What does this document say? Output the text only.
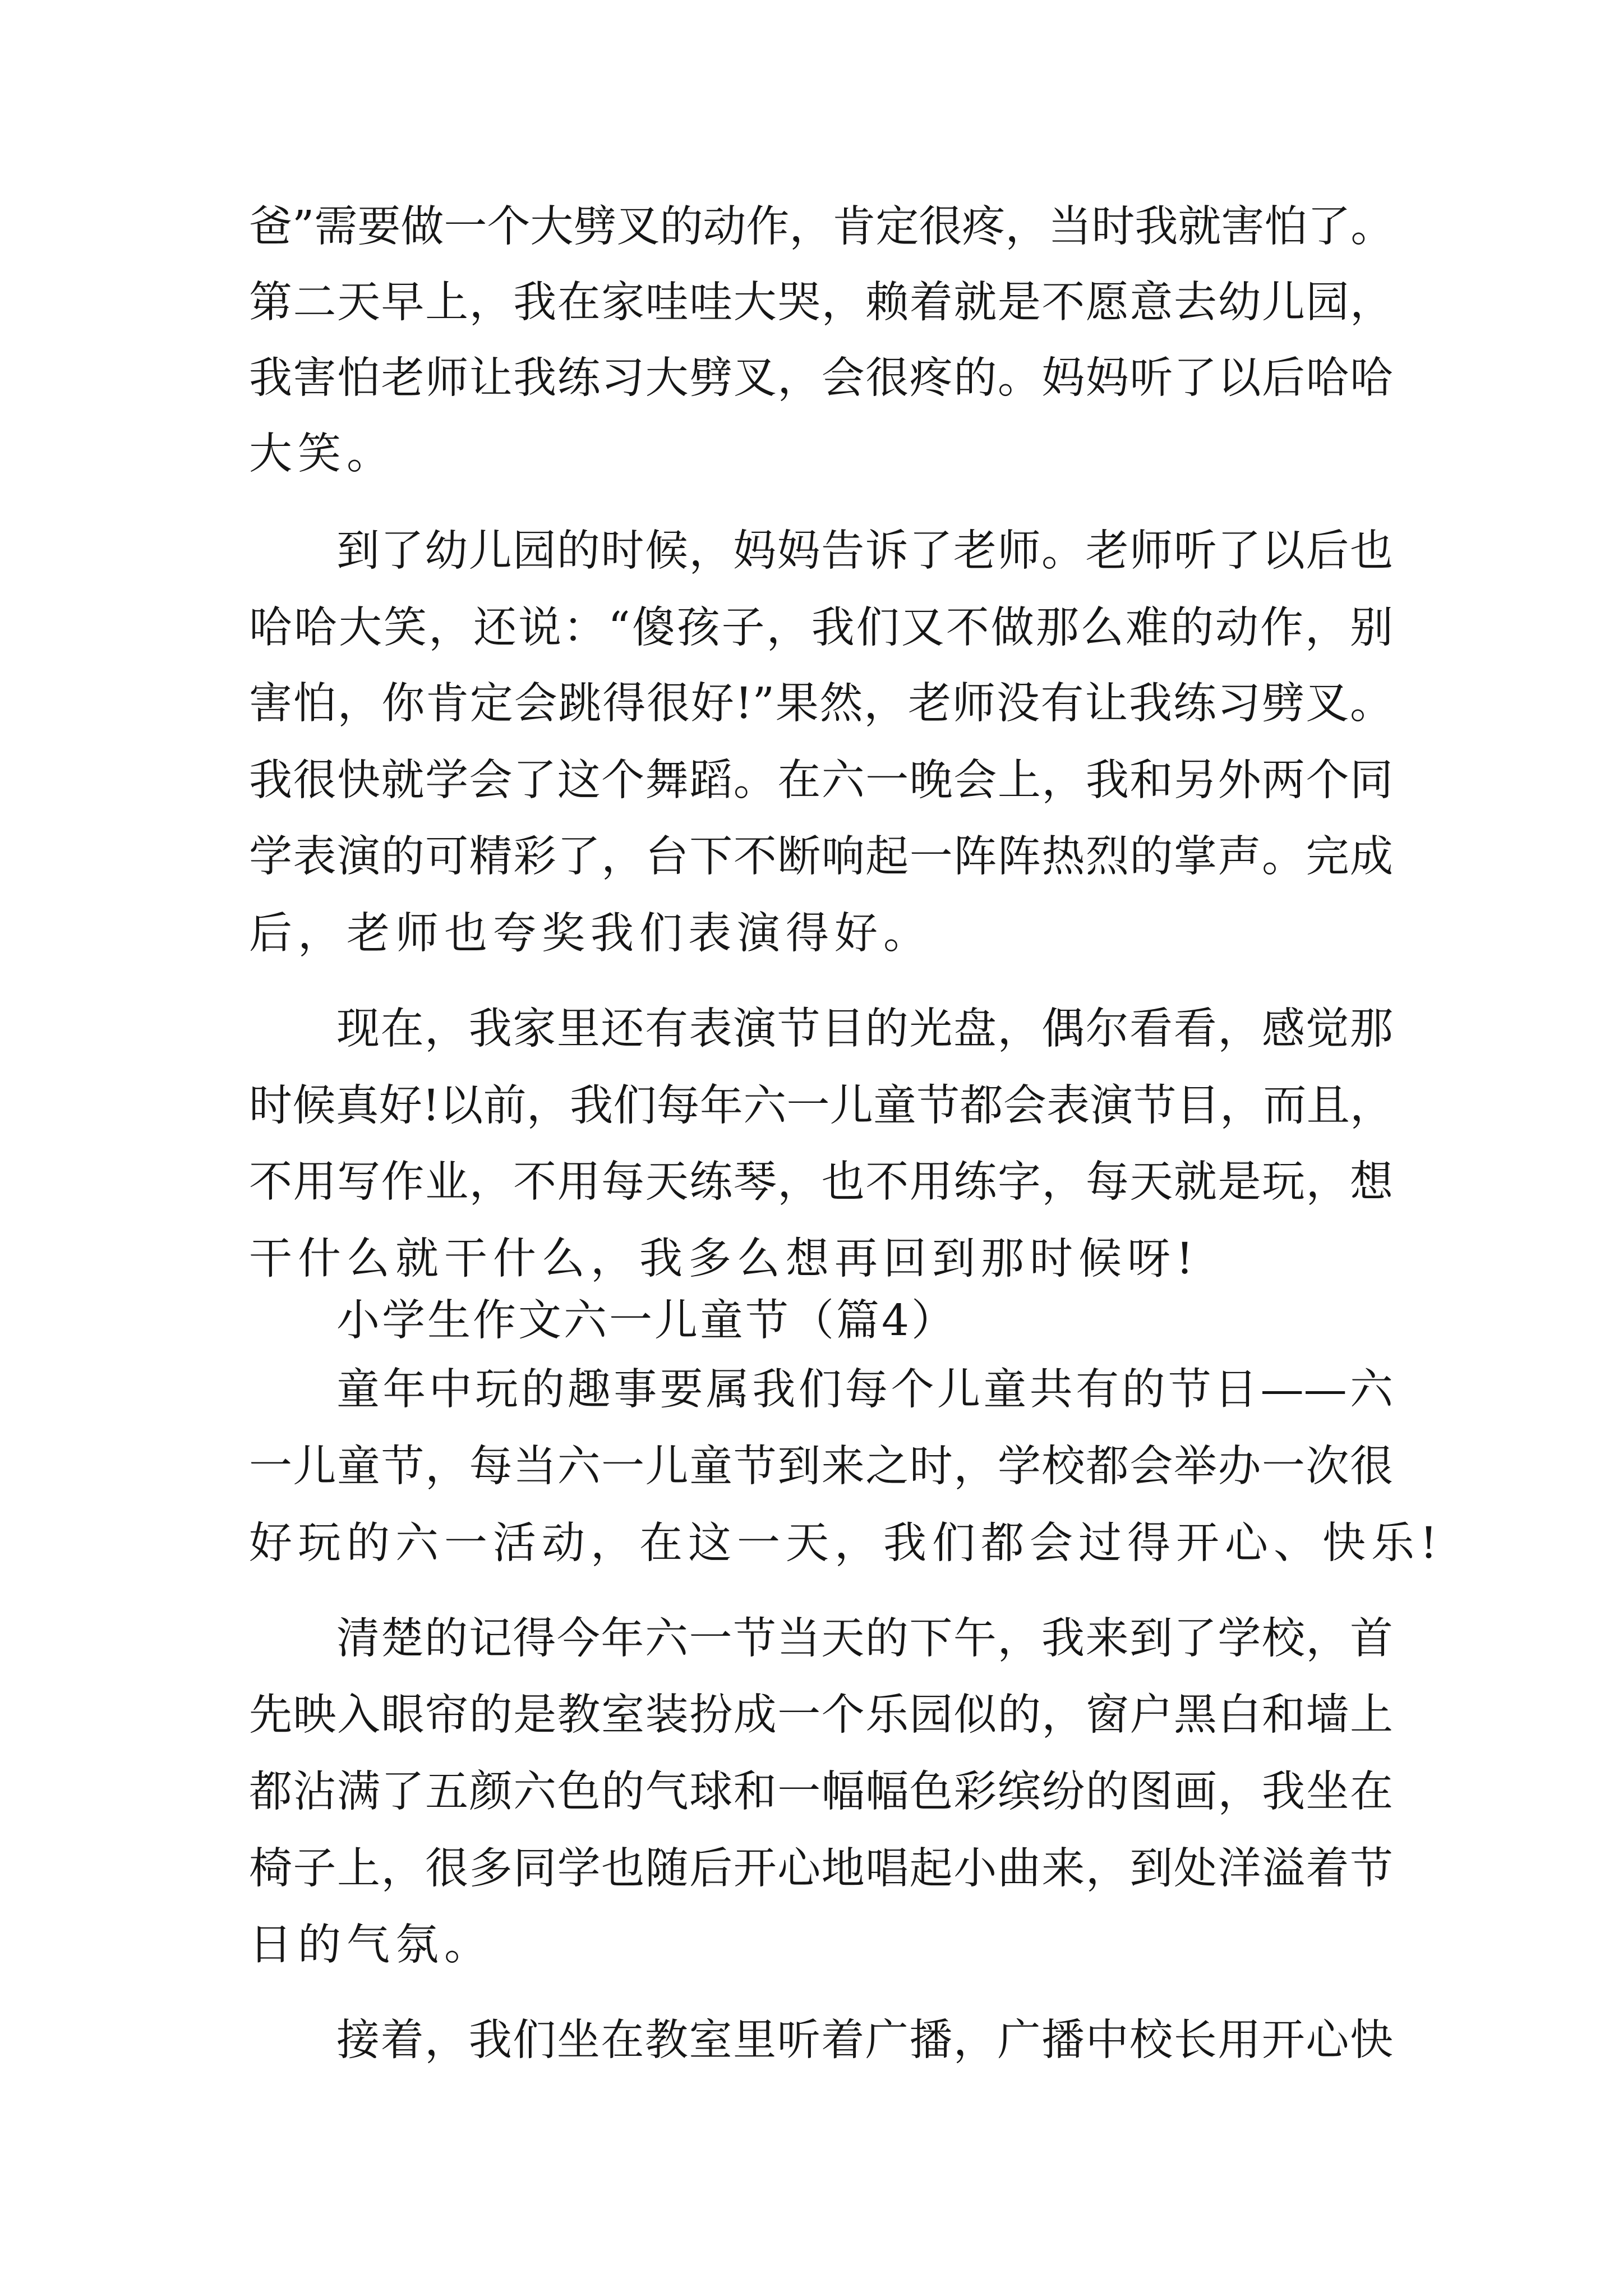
爸”需要做一个大劈叉的动作，肯定很疼，当时我就害怕了。
第二天早上，我在家哇哇大哭，赖着就是不愿意去幼儿园，
我害怕老师让我练习大劈叉，会很疼的。妈妈听了以后哈哈
大笑。
到了幼儿园的时候，妈妈告诉了老师。老师听了以后也
哈哈大笑，还说：“傻孩子，我们又不做那么难的动作，别
害怕，你肯定会跳得很好!”果然，老师没有让我练习劈叉。
我很快就学会了这个舞蹈。在六一晚会上，我和另外两个同
学表演的可精彩了，台下不断响起一阵阵热烈的掌声。完成
后，老师也夸奖我们表演得好。
现在，我家里还有表演节目的光盘，偶尔看看，感觉那
时候真好!以前，我们每年六一儿童节都会表演节目，而且，
不用写作业，不用每天练琴，也不用练字，每天就是玩，想
干什么就干什么，我多么想再回到那时候呀!
小学生作文六一儿童节（篇4）
童年中玩的趣事要属我们每个儿童共有的节日——六
一儿童节，每当六一儿童节到来之时，学校都会举办一次很
好玩的六一活动，在这一天，我们都会过得开心、快乐!
清楚的记得今年六一节当天的下午，我来到了学校，首
先映入眼帘的是教室装扮成一个乐园似的，窗户黑白和墙上
都沾满了五颜六色的气球和一幅幅色彩缤纷的图画，我坐在
椅子上，很多同学也随后开心地唱起小曲来，到处洋溢着节
日的气氛。
接着，我们坐在教室里听着广播，广播中校长用开心快
